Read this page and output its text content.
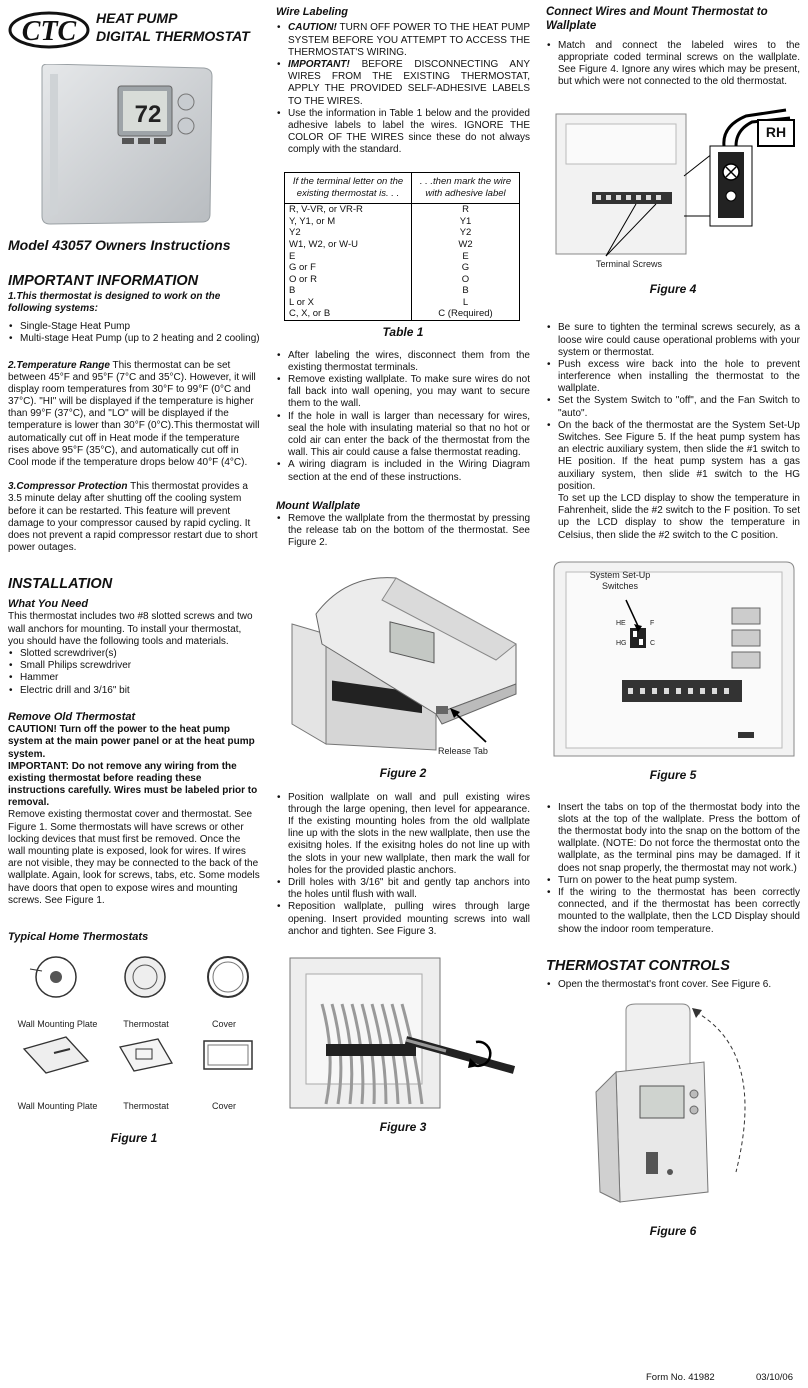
CTC HEAT PUMP
DIGITAL THERMOSTAT
72
Model 43057 Owners Instructions
IMPORTANT INFORMATION

1.This thermostat is designed to work on the following systems:

• Single-Stage Heat Pump
• Multi-stage Heat Pump (up to 2 heating and 2 cooling)

2.Temperature Range This thermostat can be set between 45°F and 95°F (7°C and 35°C). However, it will display room temperatures from 30°F to 99°F (0°C and 37°C). "HI" will be displayed if the temperature is higher than 99°F (37°C), and "LO" will be displayed if the temperature is lower than 30°F (0°C).This thermostat will automatically cut off in Heat mode if the temperature rises above 95°F (35°C), and automatically cut off in Cool mode if the temperature drops below 40°F (4°C).

3.Compressor Protection This thermostat provides a 3.5 minute delay after shutting off the cooling system before it can be restarted. This feature will prevent damage to your compressor caused by rapid cycling. It does not prevent a rapid compressor restart due to short power outages.

INSTALLATION
What You Need

This thermostat includes two #8 slotted screws and two wall anchors for mounting. To install your thermostat, you should have the following tools and materials.

• Slotted screwdriver(s)
• Small Philips screwdriver
• Hammer
• Electric drill and 3/16" bit
Remove Old Thermostat

CAUTION! Turn off the power to the heat pump system at the main power panel or at the heat pump system.

IMPORTANT: Do not remove any wiring from the existing thermostat before reading these instructions carefully. Wires must be labeled prior to removal.

Remove existing thermostat cover and thermostat. See Figure 1. Some thermostats will have screws or other locking devices that must first be removed. Once the wall mounting plate is exposed, look for wires. If wires are not visible, they may be connected to the back of the wallplate. Again, look for screws, tabs, etc. Some models have doors that open to expose wires and mounting screws. See Figure 1.

Typical Home Thermostats
Wall Mounting Plate	Thermostat	Cover
Wall Mounting Plate	Thermostat	Cover
Figure 1
Wire Labeling
• CAUTION! TURN OFF POWER TO THE HEAT PUMP SYSTEM BEFORE YOU ATTEMPT TO ACCESS THE THERMOSTAT'S WIRING.
• IMPORTANT! BEFORE DISCONNECTING ANY WIRES FROM THE EXISTING THERMOSTAT, APPLY THE PROVIDED SELF-ADHESIVE LABELS TO THE WIRES.
• Use the information in Table 1 below and the provided adhesive labels to label the wires. IGNORE THE COLOR OF THE WIRES since these do not always comply with the standard.
If the terminal letter on the existing thermostat is. . .	. . .then mark the wire with adhesive label
R, V-VR, or VR-R	R
Y, Y1, or M	Y1
Y2	Y2
W1, W2, or W-U	W2
E	E
G or F	G
O or R	O
B	B
L or X	L
C, X, or B	C (Required)
Table 1
• After labeling the wires, disconnect them from the existing thermostat terminals.
• Remove existing wallplate. To make sure wires do not fall back into wall opening, you may want to secure them to the wall.
• If the hole in wall is larger than necessary for wires, seal the hole with insulating material so that no hot or cold air can enter the back of the thermostat from the wall. This air could cause a false thermostat reading.
• A wiring diagram is included in the Wiring Diagram section at the end of these instructions.
Mount Wallplate
• Remove the wallplate from the thermostat by pressing the release tab on the bottom of the thermostat. See Figure 2.
Release Tab
Figure 2
• Position wallplate on wall and pull existing wires through the large opening, then level for appearance. If the existing mounting holes from the old wallplate line up with the slots in the new wallplate, then use the exisitng holes. If the exisitng holes do not line up with the slots in your new wallplate, then mark the wall for holes for the provided plastic anchors.
• Drill holes with 3/16" bit and gently tap anchors into the holes until flush with wall.
• Reposition wallplate, pulling wires through large opening. Insert provided mounting screws into wall anchor and tighten. See Figure 3.
Figure 3
Connect Wires and Mount Thermostat to Wallplate
• Match and connect the labeled wires to the appropriate coded terminal screws on the wallplate. See Figure 4. Ignore any wires which may be present, but which were not connected to the old thermostat.
RH
Terminal Screws
Figure 4
• Be sure to tighten the terminal screws securely, as a loose wire could cause operational problems with your system or thermostat.
• Push excess wire back into the hole to prevent interference when installing the thermostat to the wallplate.
• Set the System Switch to "off", and the Fan Switch to "auto".
• On the back of the thermostat are the System Set-Up Switches. See Figure 5. If the heat pump system has an electric auxiliary system, then slide the #1 switch to HE position. If the heat pump system has a gas auxiliary system, then slide #1 switch to the HG position.
To set up the LCD display to show the temperature in Fahrenheit, slide the #2 switch to the F position. To set up the LCD display to show the temperature in Celsius, then slide the #2 switch to the C position.
System Set-Up Switches
HE
HG
F
C
Figure 5
• Insert the tabs on top of the thermostat body into the slots at the top of the wallplate. Press the bottom of the thermostat body into the snap on the bottom of the wallplate. (NOTE: Do not force the thermostat onto the wallplate, as the terminal pins may be damaged. If it does not snap properly, the thermostat may not work.)
• Turn on power to the heat pump system.
• If the wiring to the thermostat has been correctly connected, and if the thermostat has been correctly mounted to the wallplate, then the LCD Display should show the indoor room temperature.
THERMOSTAT CONTROLS
• Open the thermostat's front cover. See Figure 6.
Figure 6
Form No. 41982	03/10/06
